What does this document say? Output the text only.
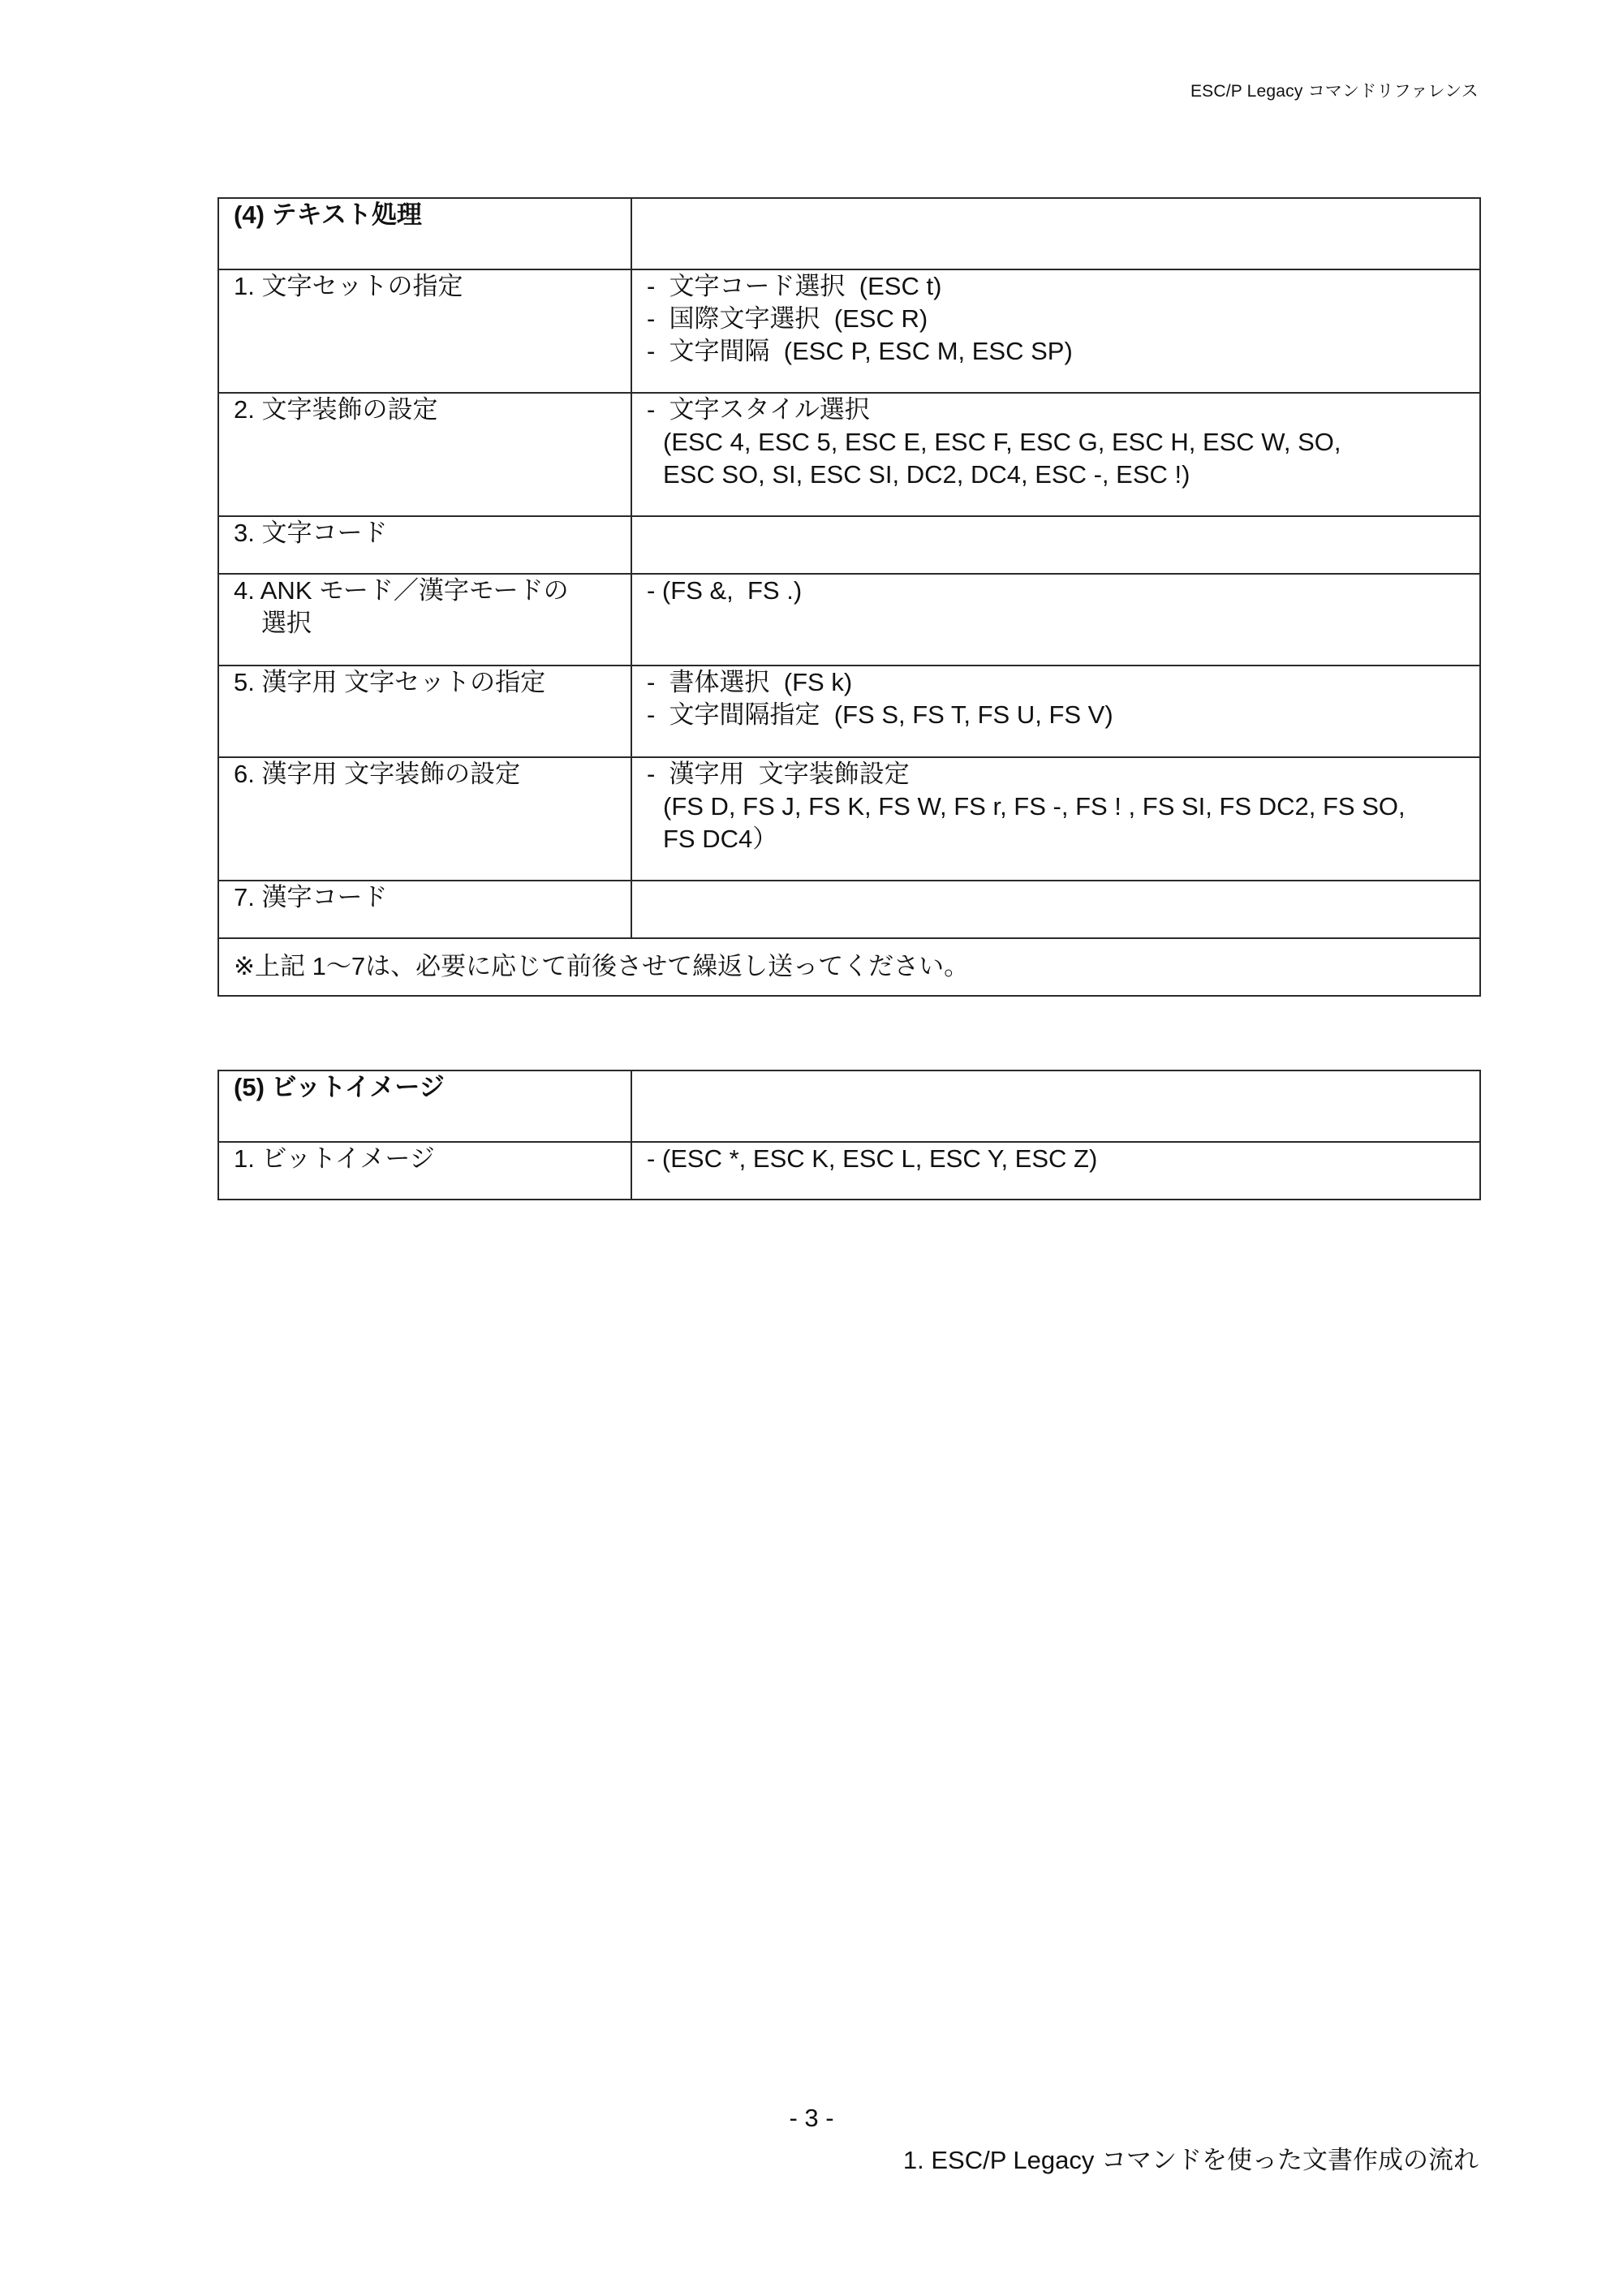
ESC/P Legacy コマンドリファレンス
(4) テキスト処理	
1. 文字セットの指定	-  文字コード選択  (ESC t)
-  国際文字選択  (ESC R)
-  文字間隔  (ESC P, ESC M, ESC SP)

2. 文字装飾の設定	-  文字スタイル選択
(ESC 4, ESC 5, ESC E, ESC F, ESC G, ESC H, ESC W, SO,
ESC SO, SI, ESC SI, DC2, DC4, ESC -, ESC !)

3. 文字コード	

4. ANK モード／漢字モードの
選択	- (FS &,  FS .)

5. 漢字用 文字セットの指定	-  書体選択  (FS k)
-  文字間隔指定  (FS S, FS T, FS U, FS V)

6. 漢字用 文字装飾の設定	-  漢字用  文字装飾設定
(FS D, FS J, FS K, FS W, FS r, FS -, FS ! , FS SI, FS DC2, FS SO,
FS DC4）

7. 漢字コード	
※上記 1〜7は、必要に応じて前後させて繰返し送ってください。	
(5) ビットイメージ	
1. ビットイメージ	- (ESC *, ESC K, ESC L, ESC Y, ESC Z)
- 3 -
1. ESC/P Legacy コマンドを使った文書作成の流れ
